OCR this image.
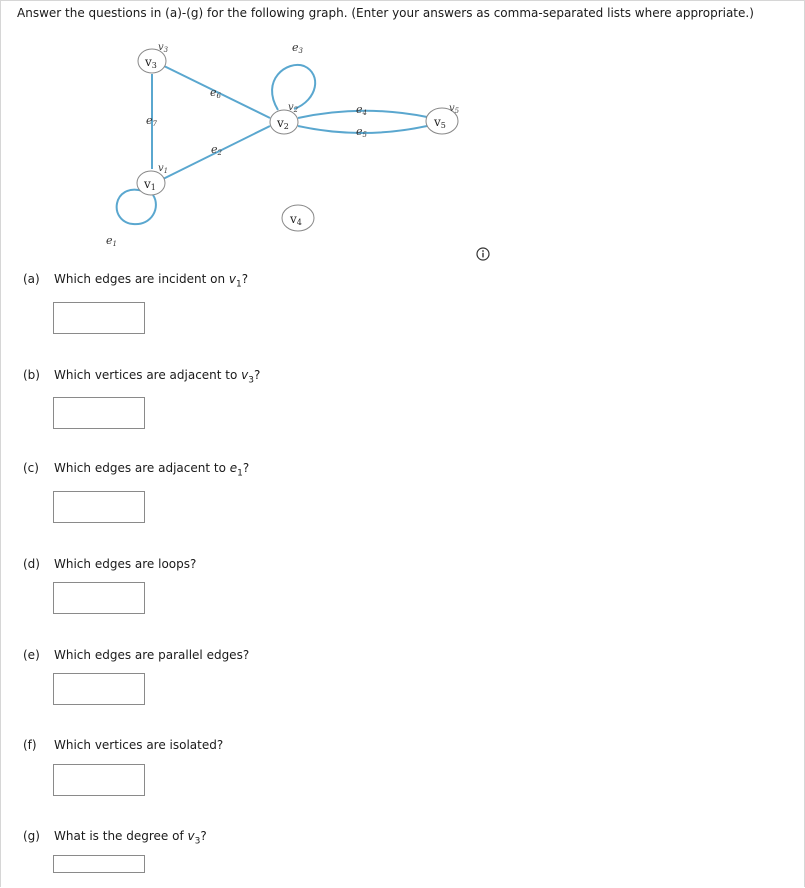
Answer the questions in (a)-(g) for the following graph. (Enter your answers as comma-separated lists where appropriate.)
v3
v1
v2
v4
v5
$v_3$
$v_1$
$v_2$	$v_5$
e1
e2
e3
e4
e5
e6
e7
(a) Which edges are incident on $v_1$?
(b) Which vertices are adjacent to $v_3$?
(c) Which edges are adjacent to $e_1$?
(d) Which edges are loops?
(e) Which edges are parallel edges?
(f) Which vertices are isolated?
(g) What is the degree of $v_3$?
